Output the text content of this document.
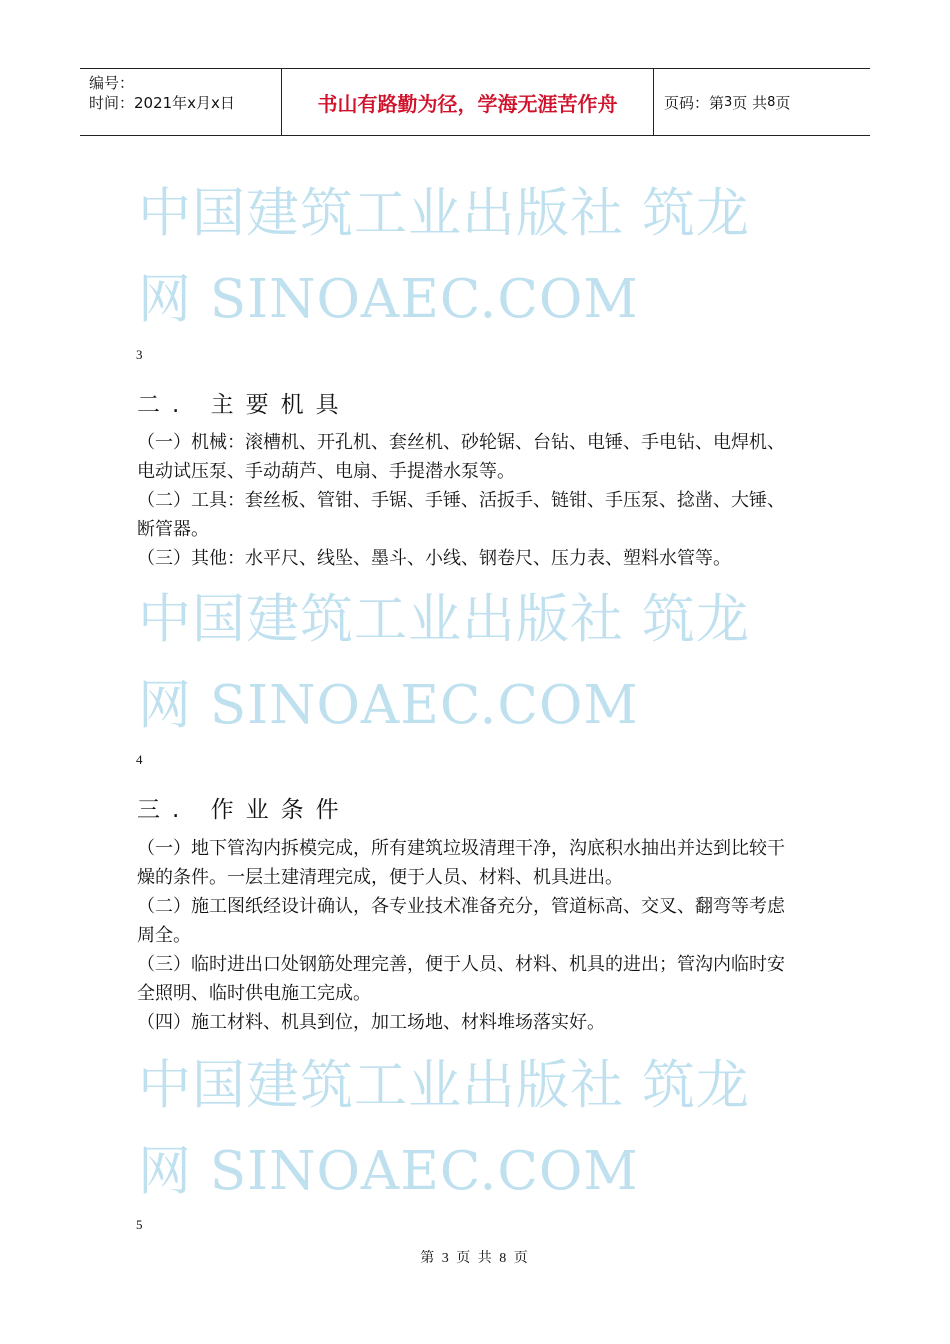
编号：
时间：2021年x月x日	书山有路勤为径，学海无涯苦作舟	页码：第 3 页 共 8 页
中国建筑工业出版社 筑龙
网 SINOAEC.COM
3
二. 主要机具

（一）机械：滚槽机、开孔机、套丝机、砂轮锯、台钻、电锤、手电钻、电焊机、电动试压泵、手动葫芦、电扇、手提潜水泵等。

（二）工具：套丝板、管钳、手锯、手锤、活扳手、链钳、手压泵、捻凿、大锤、断管器。

（三）其他：水平尺、线坠、墨斗、小线、钢卷尺、压力表、塑料水管等。

中国建筑工业出版社 筑龙
网 SINOAEC.COM
4
三. 作业条件

（一）地下管沟内拆模完成，所有建筑垃圾清理干净，沟底积水抽出并达到比较干燥的条件。一层土建清理完成，便于人员、材料、机具进出。

（二）施工图纸经设计确认，各专业技术准备充分，管道标高、交叉、翻弯等考虑周全。

（三）临时进出口处钢筋处理完善，便于人员、材料、机具的进出；管沟内临时安全照明、临时供电施工完成。

（四）施工材料、机具到位，加工场地、材料堆场落实好。

中国建筑工业出版社 筑龙
网 SINOAEC.COM
5
第 3 页 共 8 页
